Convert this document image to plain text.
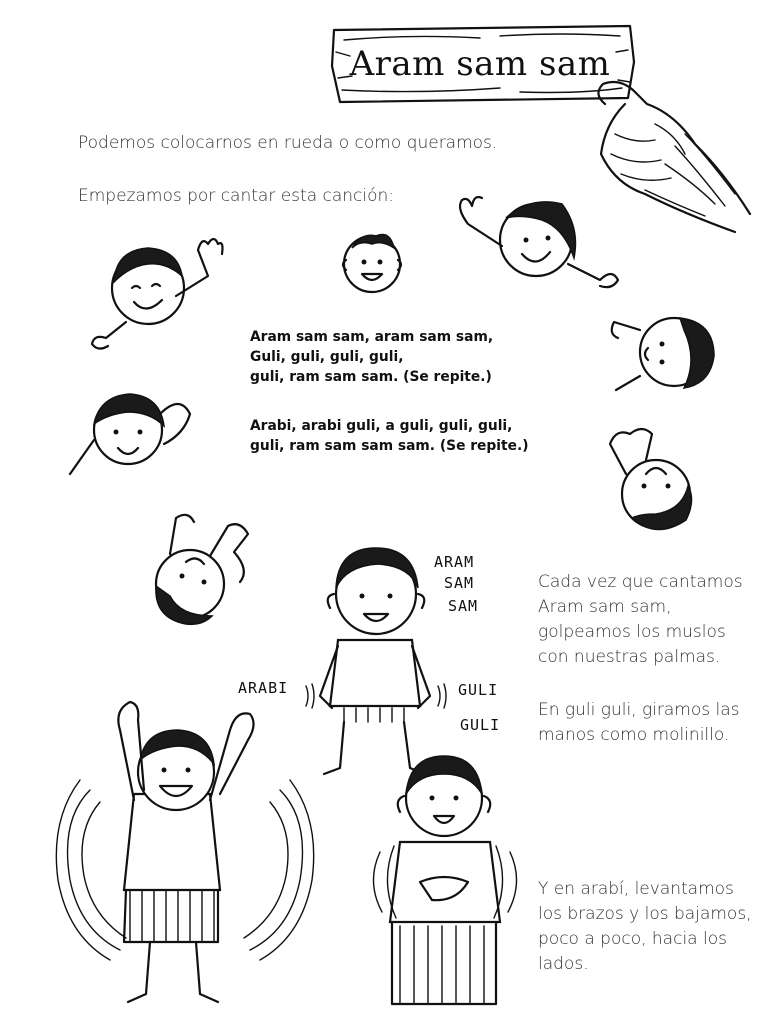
Aram sam sam
Podemos colocarnos en rueda o como queramos.
Empezamos por cantar esta canción:
Aram sam sam, aram sam sam,
Guli, guli, guli, guli,
guli, ram sam sam. (Se repite.)
Arabi, arabi guli, a guli, guli, guli,
guli, ram sam sam sam. (Se repite.)
Cada vez que cantamos
Aram sam sam,
golpeamos los muslos
con nuestras palmas.
En guli guli, giramos las
manos como molinillo.
Y en arabí, levantamos
los brazos y los bajamos,
poco a poco, hacia los
lados.
ARAM
SAM
SAM
ARABI	GULI
GULI
